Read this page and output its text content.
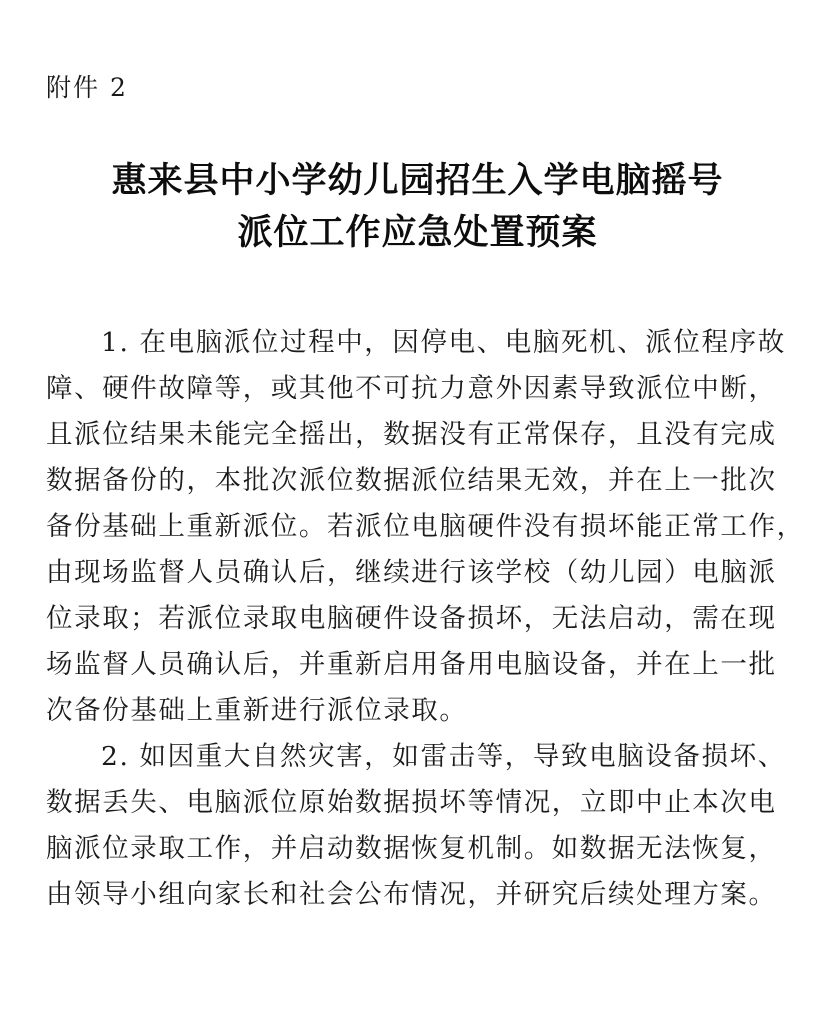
附件 2
惠来县中小学幼儿园招生入学电脑摇号
派位工作应急处置预案
1. 在电脑派位过程中，因停电、电脑死机、派位程序故
障、硬件故障等，或其他不可抗力意外因素导致派位中断，
且派位结果未能完全摇出，数据没有正常保存，且没有完成
数据备份的，本批次派位数据派位结果无效，并在上一批次
备份基础上重新派位。若派位电脑硬件没有损坏能正常工作，
由现场监督人员确认后，继续进行该学校（幼儿园）电脑派
位录取；若派位录取电脑硬件设备损坏，无法启动，需在现
场监督人员确认后，并重新启用备用电脑设备，并在上一批
次备份基础上重新进行派位录取。
2. 如因重大自然灾害，如雷击等，导致电脑设备损坏、
数据丢失、电脑派位原始数据损坏等情况，立即中止本次电
脑派位录取工作，并启动数据恢复机制。如数据无法恢复，
由领导小组向家长和社会公布情况，并研究后续处理方案。
